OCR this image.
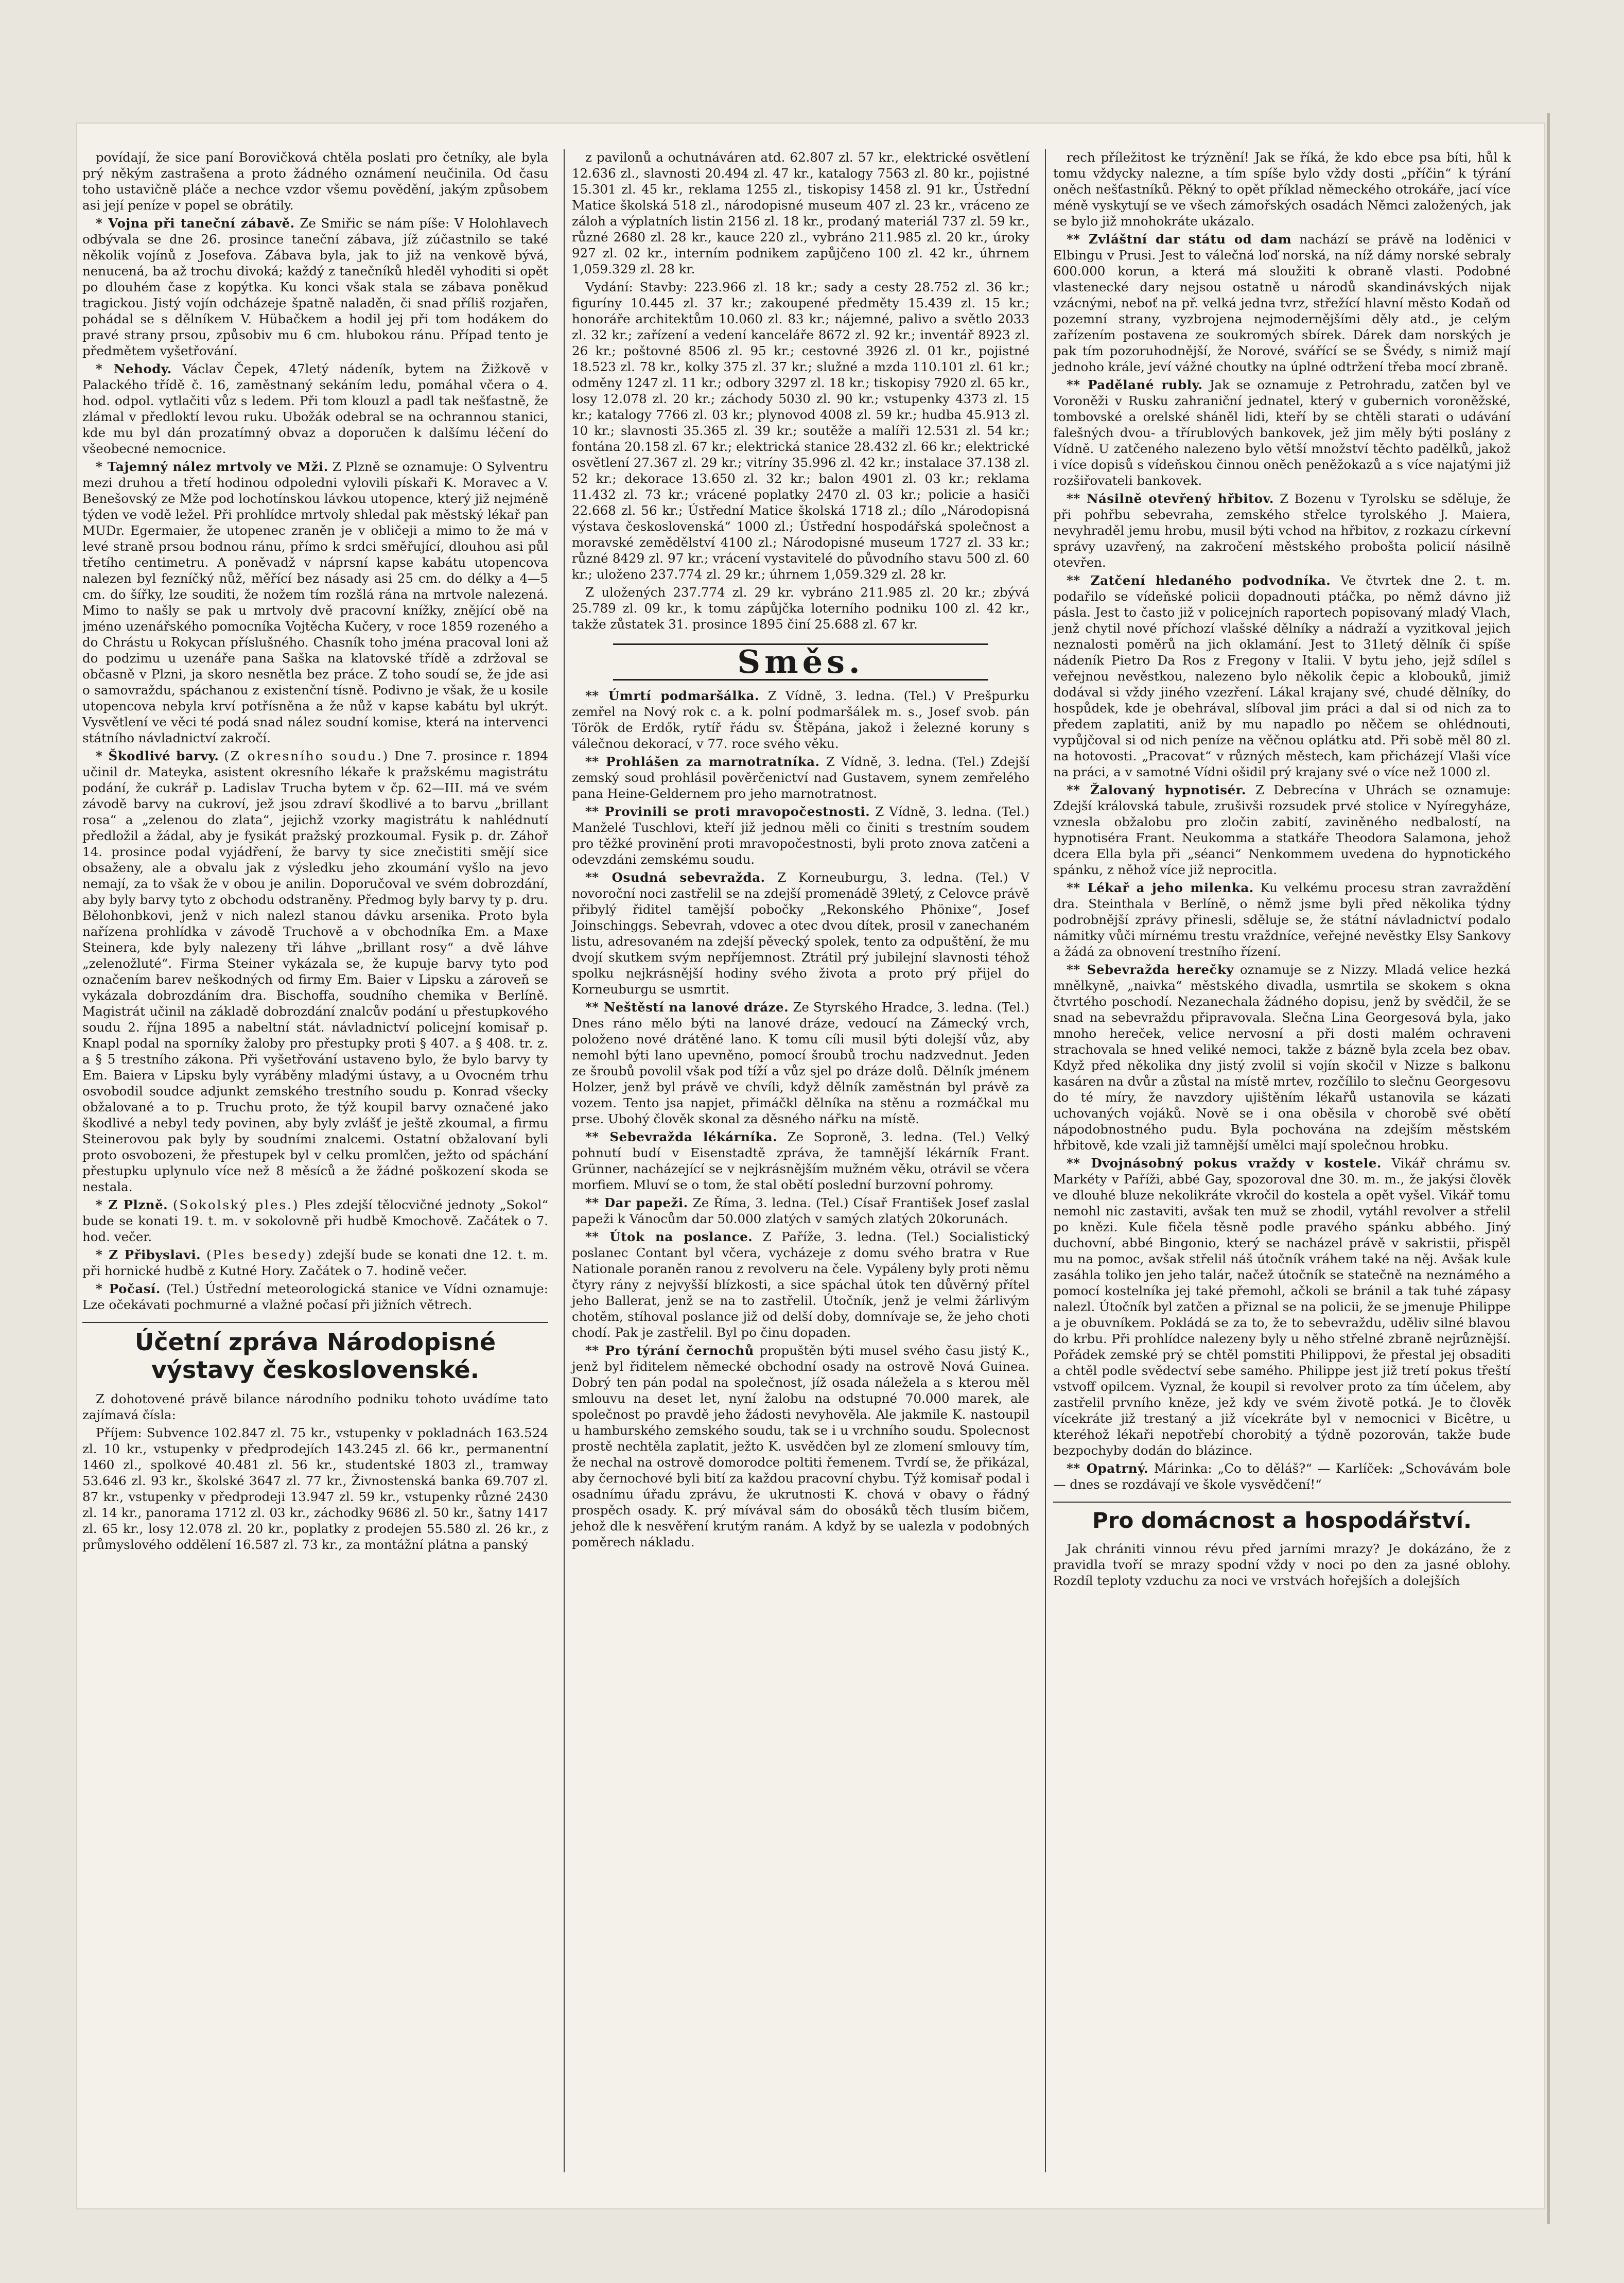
povídají, že sice paní Borovičková chtěla poslati pro četníky, ale byla prý někým zastrašena a proto žádného oznámení neučinila. Od času toho ustavičně pláče a nechce vzdor všemu povědění, jakým způsobem asi její peníze v popel se obrátily.

* Vojna při taneční zábavě. Ze Smiřic se nám píše: V Holohlavech odbývala se dne 26. prosince taneční zábava, jíž zúčastnilo se také několik vojínů z Josefova. Zábava byla, jak to již na venkově bývá, nenucená, ba až trochu divoká; každý z tanečníků hleděl vyhoditi si opět po dlouhém čase z kopýtka. Ku konci však stala se zábava poněkud tragickou. Jistý vojín odcházeje špatně naladěn, či snad příliš rozjařen, pohádal se s dělníkem V. Hübačkem a hodil jej při tom hodákem do pravé strany prsou, způsobiv mu 6 cm. hlubokou ránu. Případ tento je předmětem vyšetřování.

* Nehody. Václav Čepek, 47letý nádeník, bytem na Žižkově v Palackého třídě č. 16, zaměstnaný sekáním ledu, pomáhal včera o 4. hod. odpol. vytlačiti vůz s ledem. Při tom klouzl a padl tak nešťastně, že zlámal v předloktí levou ruku. Ubožák odebral se na ochrannou stanici, kde mu byl dán prozatímný obvaz a doporučen k dalšímu léčení do všeobecné nemocnice.

* Tajemný nález mrtvoly ve Mži. Z Plzně se oznamuje: O Sylventru mezi druhou a třetí hodinou odpoledni vylovili pískaři K. Moravec a V. Benešovský ze Mže pod lochotínskou lávkou utopence, který již nejméně týden ve vodě ležel. Při prohlídce mrtvoly shledal pak městský lékař pan MUDr. Egermaier, že utopenec zraněn je v obličeji a mimo to že má v levé straně prsou bodnou ránu, přímo k srdci směřující, dlouhou asi půl třetího centimetru. A poněvadž v náprsní kapse kabátu utopencova nalezen byl fezníčký nůž, měřící bez násady asi 25 cm. do délky a 4—5 cm. do šířky, lze souditi, že nožem tím rozšlá rána na mrtvole nalezená. Mimo to našly se pak u mrtvoly dvě pracovní knížky, znějící obě na jméno uzenářského pomocníka Vojtěcha Kučery, v roce 1859 rozeného a do Chrástu u Rokycan příslušného. Chasník toho jména pracoval loni až do podzimu u uzenáře pana Saška na klatovské třídě a zdržoval se občasně v Plzni, ja skoro nesnětla bez práce. Z toho soudí se, že jde asi o samovraždu, spáchanou z existenční tísně. Podivno je však, že u kosile utopencova nebyla krví potřísněna a že nůž v kapse kabátu byl ukrýt. Vysvětlení ve věci té podá snad nález soudní komise, která na intervenci státního návladnictví zakročí.

* Škodlivé barvy. (Z okresního soudu.) Dne 7. prosince r. 1894 učinil dr. Mateyka, asistent okresního lékaře k pražskému magistrátu podání, že cukrář p. Ladislav Trucha bytem v čp. 62—III. má ve svém závodě barvy na cukroví, jež jsou zdraví škodlivé a to barvu „brillant rosa“ a „zelenou do zlata“, jejichž vzorky magistrátu k nahlédnutí předložil a žádal, aby je fysikát pražský prozkoumal. Fysik p. dr. Záhoř 14. prosince podal vyjádření, že barvy ty sice znečistiti smějí sice obsaženy, ale a obvalu jak z výsledku jeho zkoumání vyšlo na jevo nemají, za to však že v obou je anilin. Doporučoval ve svém dobrozdání, aby byly barvy tyto z obchodu odstraněny. Předmog byly barvy ty p. dru. Bělohonbkovi, jenž v nich nalezl stanou dávku arsenika. Proto byla nařízena prohlídka v závodě Truchově a v obchodníka Em. a Maxe Steinera, kde byly nalezeny tři láhve „brillant rosy“ a dvě láhve „zelenožluté“. Firma Steiner vykázala se, že kupuje barvy tyto pod označením barev neškodných od firmy Em. Baier v Lipsku a zároveň se vykázala dobrozdáním dra. Bischoffa, soudního chemika v Berlíně. Magistrát učinil na základě dobrozdání znalcův podání u přestupkového soudu 2. října 1895 a nabeltní stát. návladnictví policejní komisař p. Knapl podal na sporníky žaloby pro přestupky proti § 407. a § 408. tr. z. a § 5 trestního zákona. Při vyšetřování ustaveno bylo, že bylo barvy ty Em. Baiera v Lipsku byly vyráběny mladými ústavy, a u Ovocném trhu osvobodil soudce adjunkt zemského trestního soudu p. Konrad všecky obžalované a to p. Truchu proto, že týž koupil barvy označené jako škodlivé a nebyl tedy povinen, aby byly zvlášť je ještě zkoumal, a firmu Steinerovou pak byly by soudními znalcemi. Ostatní obžalovaní byli proto osvobozeni, že přestupek byl v celku promlčen, ježto od spáchání přestupku uplynulo více než 8 měsíců a že žádné poškození skoda se nestala.

* Z Plzně. (Sokolský ples.) Ples zdejší tělocvičné jednoty „Sokol“ bude se konati 19. t. m. v sokolovně při hudbě Kmochově. Začátek o 7. hod. večer.

* Z Přibyslavi. (Ples besedy) zdejší bude se konati dne 12. t. m. při hornické hudbě z Kutné Hory. Začátek o 7. hodině večer.

* Počasí. (Tel.) Ústřední meteorologická stanice ve Vídni oznamuje: Lze očekávati pochmurné a vlažné počasí při jižních větrech.

Účetní zpráva Národopisné výstavy československé.

Z dohotovené právě bilance národního podniku tohoto uvádíme tato zajímavá čísla:

Příjem: Subvence 102.847 zl. 75 kr., vstupenky v pokladnách 163.524 zl. 10 kr., vstupenky v předprodejích 143.245 zl. 66 kr., permanentní 1460 zl., spolkové 40.481 zl. 56 kr., studentské 1803 zl., tramway 53.646 zl. 93 kr., školské 3647 zl. 77 kr., Živnostenská banka 69.707 zl. 87 kr., vstupenky v předprodeji 13.947 zl. 59 kr., vstupenky různé 2430 zl. 14 kr., panorama 1712 zl. 03 kr., záchodky 9686 zl. 50 kr., šatny 1417 zl. 65 kr., losy 12.078 zl. 20 kr., poplatky z prodejen 55.580 zl. 26 kr., z průmyslového oddělení 16.587 zl. 73 kr., za montážní plátna a panský

z pavilonů a ochutnáváren atd. 62.807 zl. 57 kr., elektrické osvětlení 12.636 zl., slavnosti 20.494 zl. 47 kr., katalogy 7563 zl. 80 kr., pojistné 15.301 zl. 45 kr., reklama 1255 zl., tiskopisy 1458 zl. 91 kr., Ústřední Matice školská 518 zl., národopisné museum 407 zl. 23 kr., vráceno ze záloh a výplatních listin 2156 zl. 18 kr., prodaný materiál 737 zl. 59 kr., různé 2680 zl. 28 kr., kauce 220 zl., vybráno 211.985 zl. 20 kr., úroky 927 zl. 02 kr., interním podnikem zapůjčeno 100 zl. 42 kr., úhrnem 1,059.329 zl. 28 kr.

Vydání: Stavby: 223.966 zl. 18 kr.; sady a cesty 28.752 zl. 36 kr.; figuríny 10.445 zl. 37 kr.; zakoupené předměty 15.439 zl. 15 kr.; honoráře architektům 10.060 zl. 83 kr.; nájemné, palivo a světlo 2033 zl. 32 kr.; zařízení a vedení kanceláře 8672 zl. 92 kr.; inventář 8923 zl. 26 kr.; poštovné 8506 zl. 95 kr.; cestovné 3926 zl. 01 kr., pojistné 18.523 zl. 78 kr., kolky 375 zl. 37 kr.; služné a mzda 110.101 zl. 61 kr.; odměny 1247 zl. 11 kr.; odbory 3297 zl. 18 kr.; tiskopisy 7920 zl. 65 kr., losy 12.078 zl. 20 kr.; záchody 5030 zl. 90 kr.; vstupenky 4373 zl. 15 kr.; katalogy 7766 zl. 03 kr.; plynovod 4008 zl. 59 kr.; hudba 45.913 zl. 10 kr.; slavnosti 35.365 zl. 39 kr.; soutěže a malíři 12.531 zl. 54 kr.; fontána 20.158 zl. 67 kr.; elektrická stanice 28.432 zl. 66 kr.; elektrické osvětlení 27.367 zl. 29 kr.; vitríny 35.996 zl. 42 kr.; instalace 37.138 zl. 52 kr.; dekorace 13.650 zl. 32 kr.; balon 4901 zl. 03 kr.; reklama 11.432 zl. 73 kr.; vrácené poplatky 2470 zl. 03 kr.; policie a hasiči 22.668 zl. 56 kr.; Ústřední Matice školská 1718 zl.; dílo „Národopisná výstava československá“ 1000 zl.; Ústřední hospodářská společnost a moravské zemědělství 4100 zl.; Národopisné museum 1727 zl. 33 kr.; různé 8429 zl. 97 kr.; vrácení vystavitelé do původního stavu 500 zl. 60 kr.; uloženo 237.774 zl. 29 kr.; úhrnem 1,059.329 zl. 28 kr.

Z uložených 237.774 zl. 29 kr. vybráno 211.985 zl. 20 kr.; zbývá 25.789 zl. 09 kr., k tomu zápůjčka loterního podniku 100 zl. 42 kr., takže zůstatek 31. prosince 1895 činí 25.688 zl. 67 kr.

Směs.

** Úmrtí podmaršálka. Z Vídně, 3. ledna. (Tel.) V Prešpurku zemřel na Nový rok c. a k. polní podmaršálek m. s., Josef svob. pán Török de Erdők, rytíř řádu sv. Štěpána, jakož i železné koruny s válečnou dekorací, v 77. roce svého věku.

** Prohlášen za marnotratníka. Z Vídně, 3. ledna. (Tel.) Zdejší zemský soud prohlásil pověrčenictví nad Gustavem, synem zemřelého pana Heine-Geldernem pro jeho marnotratnost.

** Provinili se proti mravopočestnosti. Z Vídně, 3. ledna. (Tel.) Manželé Tuschlovi, kteří již jednou měli co činiti s trestním soudem pro těžké provinění proti mravopočestnosti, byli proto znova zatčeni a odevzdáni zemskému soudu.

** Osudná sebevražda. Z Korneuburgu, 3. ledna. (Tel.) V novoroční noci zastřelil se na zdejší promenádě 39letý, z Celovce právě přibylý řiditel tamější pobočky „Rekonského Phönixe“, Josef Joinschinggs. Sebevrah, vdovec a otec dvou dítek, prosil v zanechaném listu, adresovaném na zdejší pěvecký spolek, tento za odpuštění, že mu dvojí skutkem svým nepříjemnost. Ztrátil prý jubilejní slavnosti téhož spolku nejkrásnější hodiny svého života a proto prý přijel do Korneuburgu se usmrtit.

** Neštěstí na lanové dráze. Ze Styrského Hradce, 3. ledna. (Tel.) Dnes ráno mělo býti na lanové dráze, vedoucí na Zámecký vrch, položeno nové drátěné lano. K tomu cíli musil býti dolejší vůz, aby nemohl býti lano upevněno, pomocí šroubů trochu nadzvednut. Jeden ze šroubů povolil však pod tíží a vůz sjel po dráze dolů. Dělník jménem Holzer, jenž byl právě ve chvíli, když dělník zaměstnán byl právě za vozem. Tento jsa napjet, přimáčkl dělníka na stěnu a rozmáčkal mu prse. Ubohý člověk skonal za děsného nářku na místě.

** Sebevražda lékárníka. Ze Soproně, 3. ledna. (Tel.) Velký pohnutí budí v Eisenstadtě zpráva, že tamnější lékárník Frant. Grünner, nacházející se v nejkrásnějším mužném věku, otrávil se včera morfiem. Mluví se o tom, že stal obětí poslední burzovní pohromy.

** Dar papeži. Ze Říma, 3. ledna. (Tel.) Císař František Josef zaslal papeži k Vánocům dar 50.000 zlatých v samých zlatých 20korunách.

** Útok na poslance. Z Paříže, 3. ledna. (Tel.) Socialistický poslanec Contant byl včera, vycházeje z domu svého bratra v Rue Nationale poraněn ranou z revolveru na čele. Vypáleny byly proti němu čtyry rány z nejvyšší blízkosti, a sice spáchal útok ten důvěrný přítel jeho Ballerat, jenž se na to zastřelil. Útočník, jenž je velmi žárlivým chotěm, stíhoval poslance již od delší doby, domnívaje se, že jeho choti chodí. Pak je zastřelil. Byl po činu dopaden.

** Pro týrání černochů propuštěn býti musel svého času jistý K., jenž byl řiditelem německé obchodní osady na ostrově Nová Guinea. Dobrý ten pán podal na společnost, jíž osada náležela a s kterou měl smlouvu na deset let, nyní žalobu na odstupné 70.000 marek, ale společnost po pravdě jeho žádosti nevyhověla. Ale jakmile K. nastoupil u hamburského zemského soudu, tak se i u vrchního soudu. Spolecnost prostě nechtěla zaplatit, ježto K. usvědčen byl ze zlomení smlouvy tím, že nechal na ostrově domorodce poltiti řemenem. Tvrdí se, že přikázal, aby černochové byli bití za každou pracovní chybu. Týž komisař podal i osadnímu úřadu zprávu, že ukrutnosti K. chová v obavy o řádný prospěch osady. K. prý mívával sám do obosáků těch tlusím bičem, jehož dle k nesvěření krutým ranám. A když by se ualezla v podobných poměrech nákladu.

rech příležitost ke trýznění! Jak se říká, že kdo ebce psa bíti, hůl k tomu vždycky nalezne, a tím spíše bylo vždy dosti „příčin“ k týrání oněch nešťastníků. Pěkný to opět příklad německého otrokáře, jací více méně vyskytují se ve všech zámořských osadách Němci založených, jak se bylo již mnohokráte ukázalo.

** Zvláštní dar státu od dam nachází se právě na loděnici v Elbingu v Prusi. Jest to válečná loď norská, na níž dámy norské sebraly 600.000 korun, a která má sloužiti k obraně vlasti. Podobné vlastenecké dary nejsou ostatně u národů skandinávských nijak vzácnými, neboť na př. velká jedna tvrz, střežící hlavní město Kodaň od pozemní strany, vyzbrojena nejmodernějšími děly atd., je celým zařízením postavena ze soukromých sbírek. Dárek dam norských je pak tím pozoruhodnější, že Norové, svářící se se Švédy, s nimiž mají jednoho krále, jeví vážné choutky na úplné odtržení třeba mocí zbraně.

** Padělané rubly. Jak se oznamuje z Petrohradu, zatčen byl ve Voroněži v Rusku zahraniční jednatel, který v gubernich voroněžské, tombovské a orelské sháněl lidi, kteří by se chtěli starati o udávání falešných dvou- a třírublových bankovek, jež jim měly býti poslány z Vídně. U zatčeného nalezeno bylo větší množství těchto padělků, jakož i více dopisů s vídeňskou činnou oněch peněžokazů a s více najatými již rozšiřovateli bankovek.

** Násilně otevřený hřbitov. Z Bozenu v Tyrolsku se sděluje, že při pohřbu sebevraha, zemského střelce tyrolského J. Maiera, nevyhraděl jemu hrobu, musil býti vchod na hřbitov, z rozkazu církevní správy uzavřený, na zakročení městského probošta policií násilně otevřen.

** Zatčení hledaného podvodníka. Ve čtvrtek dne 2. t. m. podařilo se vídeňské policii dopadnouti ptáčka, po němž dávno již pásla. Jest to často již v policejních raportech popisovaný mladý Vlach, jenž chytil nové příchozí vlašské dělníky a nádraží a vyzitkoval jejich neznalosti poměrů na jich oklamání. Jest to 31letý dělník či spíše nádeník Pietro Da Ros z Fregony v Italii. V bytu jeho, jejž sdílel s veřejnou nevěstkou, nalezeno bylo několik čepic a klobouků, jimiž dodával si vždy jiného vzezření. Lákal krajany své, chudé dělníky, do hospůdek, kde je obehrával, slíboval jim práci a dal si od nich za to předem zaplatiti, aniž by mu napadlo po něčem se ohlédnouti, vypůjčoval si od nich peníze na věčnou oplátku atd. Při sobě měl 80 zl. na hotovosti. „Pracovat“ v různých městech, kam přicházejí Vlaši více na práci, a v samotné Vídni ošidil prý krajany své o více než 1000 zl.

** Žalovaný hypnotisér. Z Debrecína v Uhrách se oznamuje: Zdejší královská tabule, zrušivši rozsudek prvé stolice v Nyíregyháze, vznesla obžalobu pro zločin zabití, zaviněného nedbalostí, na hypnotiséra Frant. Neukomma a statkáře Theodora Salamona, jehož dcera Ella byla při „séanci“ Nenkommem uvedena do hypnotického spánku, z něhož více již neprocitla.

** Lékař a jeho milenka. Ku velkému procesu stran zavraždění dra. Steinthala v Berlíně, o němž jsme byli před několika týdny podrobnější zprávy přinesli, sděluje se, že státní návladnictví podalo námitky vůči mírnému trestu vraždníce, veřejné nevěstky Elsy Sankovy a žádá za obnovení trestního řízení.

** Sebevražda herečky oznamuje se z Nizzy. Mladá velice hezká mnělkyně, „naivka“ městského divadla, usmrtila se skokem s okna čtvrtého poschodí. Nezanechala žádného dopisu, jenž by svědčil, že se snad na sebevraždu připravovala. Slečna Lina Georgesová byla, jako mnoho hereček, velice nervosní a při dosti malém ochraveni strachovala se hned veliké nemoci, takže z bázně byla zcela bez obav. Když před několika dny jistý zvolil si vojín skočil v Nizze s balkonu kasáren na dvůr a zůstal na místě mrtev, rozčílilo to slečnu Georgesovu do té míry, že navzdory ujištěním lékařů ustanovila se kázati uchovaných vojáků. Nově se i ona oběsila v chorobě své obětí nápodobnostného pudu. Byla pochována na zdejším městském hřbitově, kde vzali již tamnější umělci mají společnou hrobku.

** Dvojnásobný pokus vraždy v kostele. Vikář chrámu sv. Markéty v Paříži, abbé Gay, spozoroval dne 30. m. m., že jakýsi člověk ve dlouhé bluze nekolikráte vkročil do kostela a opět vyšel. Vikář tomu nemohl nic zastaviti, avšak ten muž se zhodil, vytáhl revolver a střelil po knězi. Kule fičela těsně podle pravého spánku abbého. Jiný duchovní, abbé Bingonio, který se nacházel právě v sakristii, přispěl mu na pomoc, avšak střelil náš útočník vráhem také na něj. Avšak kule zasáhla toliko jen jeho talár, načež útočník se statečně na neznámého a pomocí kostelníka jej také přemohl, ačkoli se bránil a tak tuhé zápasy nalezl. Útočník byl zatčen a přiznal se na policii, že se jmenuje Philippe a je obuvníkem. Pokládá se za to, že to sebevraždu, uděliv silné blavou do krbu. Při prohlídce nalezeny byly u něho střelné zbraně nejrůznější. Pořádek zemské prý se chtěl pomstiti Philippovi, že přestal jej obsaditi a chtěl podle svědectví sebe samého. Philippe jest již tretí pokus třeští vstvoff opilcem. Vyznal, že koupil si revolver proto za tím účelem, aby zastřelil prvního kněze, jež kdy ve svém životě potká. Je to člověk vícekráte již trestaný a již vícekráte byl v nemocnici v Bicêtre, u kteréhož lékaři nepotřebí chorobitý a týdně pozorován, takže bude bezpochyby dodán do blázince.

** Opatrný. Márinka: „Co to děláš?“ — Karlíček: „Schovávám bole — dnes se rozdávají ve škole vysvědčení!“

Pro domácnost a hospodářství.

Jak chrániti vinnou révu před jarními mrazy? Je dokázáno, že z pravidla tvoří se mrazy spodní vždy v noci po den za jasné oblohy. Rozdíl teploty vzduchu za noci ve vrstvách hořejších a dolejších
